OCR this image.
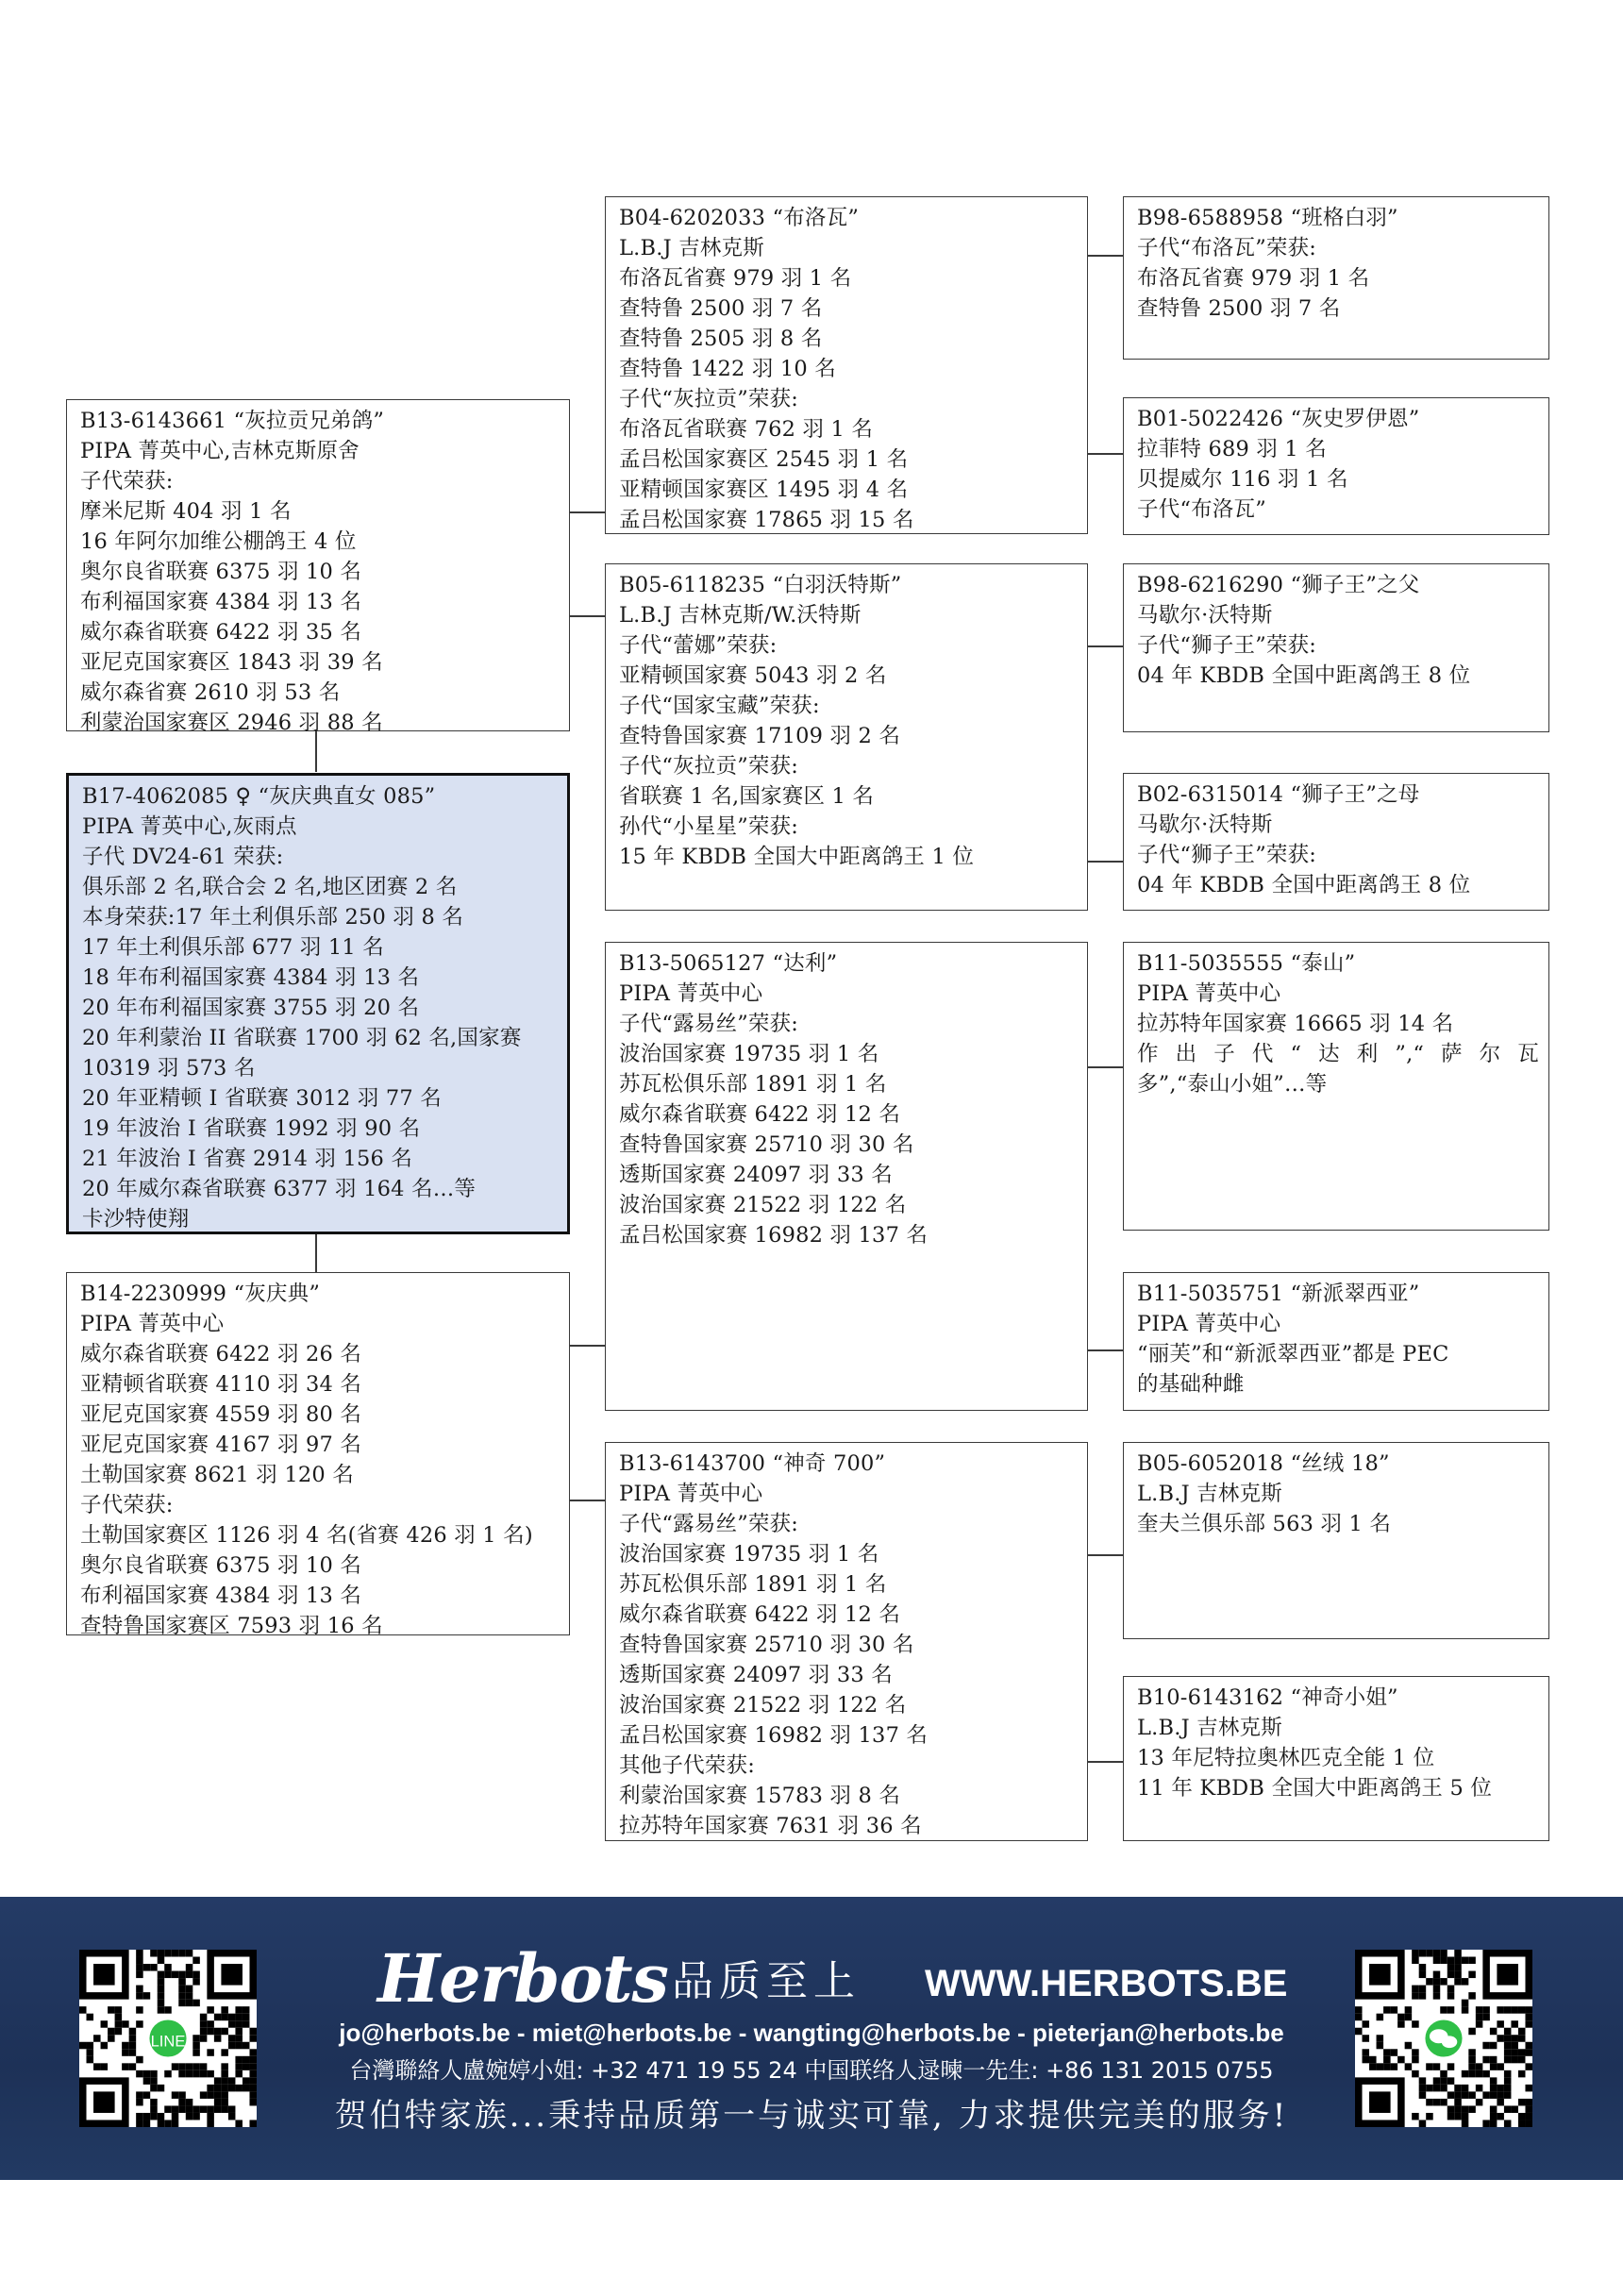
B13-6143661 “灰拉贡兄弟鸽”
PIPA 菁英中心,吉林克斯原舍
子代荣获:
摩米尼斯 404 羽 1 名
16 年阿尔加维公棚鸽王 4 位
奥尔良省联赛 6375 羽 10 名
布利福国家赛 4384 羽 13 名
威尔森省联赛 6422 羽 35 名
亚尼克国家赛区 1843 羽 39 名
威尔森省赛 2610 羽 53 名
利蒙治国家赛区 2946 羽 88 名
B17-4062085 ♀ “灰庆典直女 085”
PIPA 菁英中心,灰雨点
子代 DV24-61 荣获:
俱乐部 2 名,联合会 2 名,地区团赛 2 名
本身荣获:17 年土利俱乐部 250 羽 8 名
17 年土利俱乐部 677 羽 11 名
18 年布利福国家赛 4384 羽 13 名
20 年布利福国家赛 3755 羽 20 名
20 年利蒙治 II 省联赛 1700 羽 62 名,国家赛
10319 羽 573 名
20 年亚精顿 I 省联赛 3012 羽 77 名
19 年波治 I 省联赛 1992 羽 90 名
21 年波治 I 省赛 2914 羽 156 名
20 年威尔森省联赛 6377 羽 164 名…等
卡沙特使翔
B14-2230999 “灰庆典”
PIPA 菁英中心
威尔森省联赛 6422 羽 26 名
亚精顿省联赛 4110 羽 34 名
亚尼克国家赛 4559 羽 80 名
亚尼克国家赛 4167 羽 97 名
土勒国家赛 8621 羽 120 名
子代荣获:
土勒国家赛区 1126 羽 4 名(省赛 426 羽 1 名)
奥尔良省联赛 6375 羽 10 名
布利福国家赛 4384 羽 13 名
查特鲁国家赛区 7593 羽 16 名
B04-6202033 “布洛瓦”
L.B.J 吉林克斯
布洛瓦省赛 979 羽 1 名
查特鲁 2500 羽 7 名
查特鲁 2505 羽 8 名
查特鲁 1422 羽 10 名
子代“灰拉贡”荣获:
布洛瓦省联赛 762 羽 1 名
孟吕松国家赛区 2545 羽 1 名
亚精顿国家赛区 1495 羽 4 名
孟吕松国家赛 17865 羽 15 名
B05-6118235 “白羽沃特斯”
L.B.J 吉林克斯/W.沃特斯
子代“蕾娜”荣获:
亚精顿国家赛 5043 羽 2 名
子代“国家宝藏”荣获:
查特鲁国家赛 17109 羽 2 名
子代“灰拉贡”荣获:
省联赛 1 名,国家赛区 1 名
孙代“小星星”荣获:
15 年 KBDB 全国大中距离鸽王 1 位
B13-5065127 “达利”
PIPA 菁英中心
子代“露易丝”荣获:
波治国家赛 19735 羽 1 名
苏瓦松俱乐部 1891 羽 1 名
威尔森省联赛 6422 羽 12 名
查特鲁国家赛 25710 羽 30 名
透斯国家赛 24097 羽 33 名
波治国家赛 21522 羽 122 名
孟吕松国家赛 16982 羽 137 名
B13-6143700 “神奇 700”
PIPA 菁英中心
子代“露易丝”荣获:
波治国家赛 19735 羽 1 名
苏瓦松俱乐部 1891 羽 1 名
威尔森省联赛 6422 羽 12 名
查特鲁国家赛 25710 羽 30 名
透斯国家赛 24097 羽 33 名
波治国家赛 21522 羽 122 名
孟吕松国家赛 16982 羽 137 名
其他子代荣获:
利蒙治国家赛 15783 羽 8 名
拉苏特年国家赛 7631 羽 36 名
B98-6588958 “班格白羽”
子代“布洛瓦”荣获:
布洛瓦省赛 979 羽 1 名
查特鲁 2500 羽 7 名
B01-5022426 “灰史罗伊恩”
拉菲特 689 羽 1 名
贝提威尔 116 羽 1 名
子代“布洛瓦”
B98-6216290 “狮子王”之父
马歇尔·沃特斯
子代“狮子王”荣获:
04 年 KBDB 全国中距离鸽王 8 位
B02-6315014 “狮子王”之母
马歇尔·沃特斯
子代“狮子王”荣获:
04 年 KBDB 全国中距离鸽王 8 位
B11-5035555 “泰山”
PIPA 菁英中心
拉苏特年国家赛 16665 羽 14 名
作出子代“达利”,“萨尔瓦
多”,“泰山小姐”…等
B11-5035751 “新派翠西亚”
PIPA 菁英中心
“丽芙”和“新派翠西亚”都是 PEC
的基础种雌
B05-6052018 “丝绒 18”
L.B.J 吉林克斯
奎夫兰俱乐部 563 羽 1 名
B10-6143162 “神奇小姐”
L.B.J 吉林克斯
13 年尼特拉奥林匹克全能 1 位
11 年 KBDB 全国大中距离鸽王 5 位
LINE
Herbots 品质至上 WWW.HERBOTS.BE
jo@herbots.be - miet@herbots.be - wangting@herbots.be - pieterjan@herbots.be
台灣聯絡人盧婉婷小姐: +32 471 19 55 24 中国联络人逯暕一先生: +86 131 2015 0755
贺伯特家族...秉持品质第一与诚实可靠, 力求提供完美的服务!
